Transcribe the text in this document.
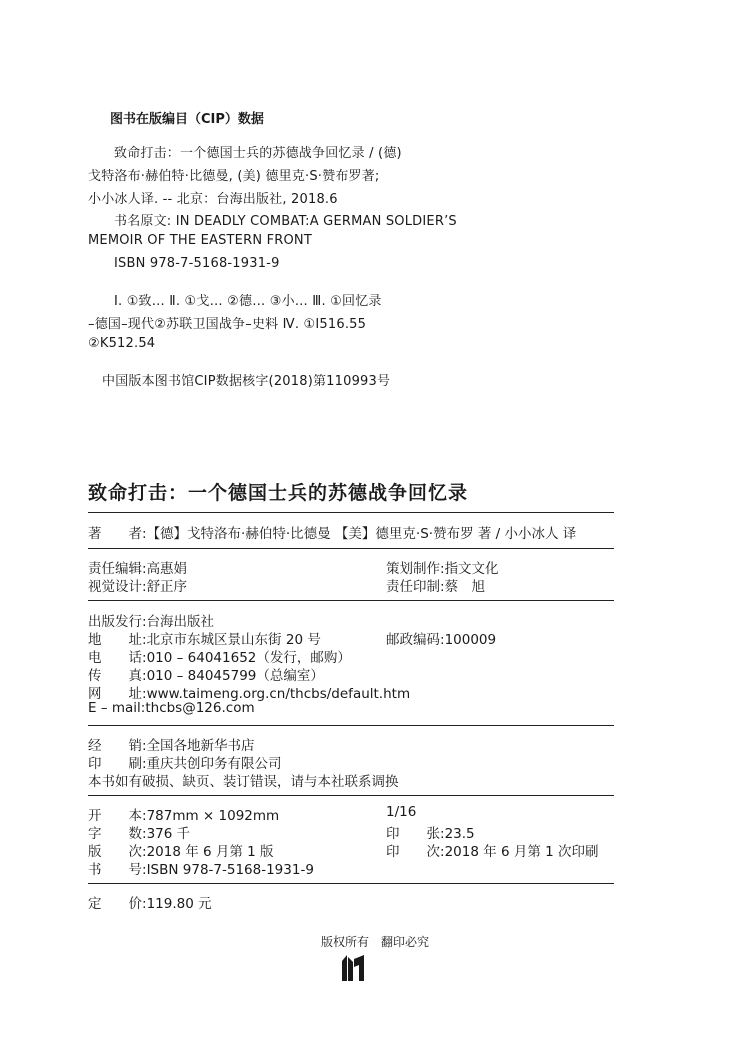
图书在版编目（CIP）数据
致命打击：一个德国士兵的苏德战争回忆录 / (德)
戈特洛布·赫伯特·比德曼, (美) 德里克·S·赞布罗著;
小小冰人译. -- 北京：台海出版社, 2018.6
书名原文: IN DEADLY COMBAT:A GERMAN SOLDIER’S
MEMOIR OF THE EASTERN FRONT
ISBN 978-7-5168-1931-9
Ⅰ. ①致… Ⅱ. ①戈… ②德… ③小… Ⅲ. ①回忆录
–德国–现代②苏联卫国战争–史料 Ⅳ. ①I516.55
②K512.54
中国版本图书馆CIP数据核字(2018)第110993号
致命打击：一个德国士兵的苏德战争回忆录
著　　者:【德】戈特洛布·赫伯特·比德曼 【美】德里克·S·赞布罗 著 / 小小冰人 译
责任编辑:高惠娟	策划制作:指文文化
视觉设计:舒正序	责任印制:蔡　旭
出版发行:台海出版社
地　　址:北京市东城区景山东街 20 号	邮政编码:100009
电　　话:010 – 64041652（发行，邮购）
传　　真:010 – 84045799（总编室）
网　　址:www.taimeng.org.cn/thcbs/default.htm
E – mail:thcbs@126.com
经　　销:全国各地新华书店
印　　刷:重庆共创印务有限公司
本书如有破损、缺页、装订错误，请与本社联系调换
开　　本:787mm × 1092mm	1/16
字　　数:376 千	印　　张:23.5
版　　次:2018 年 6 月第 1 版	印　　次:2018 年 6 月第 1 次印刷
书　　号:ISBN 978-7-5168-1931-9
定　　价:119.80 元
版权所有　翻印必究
